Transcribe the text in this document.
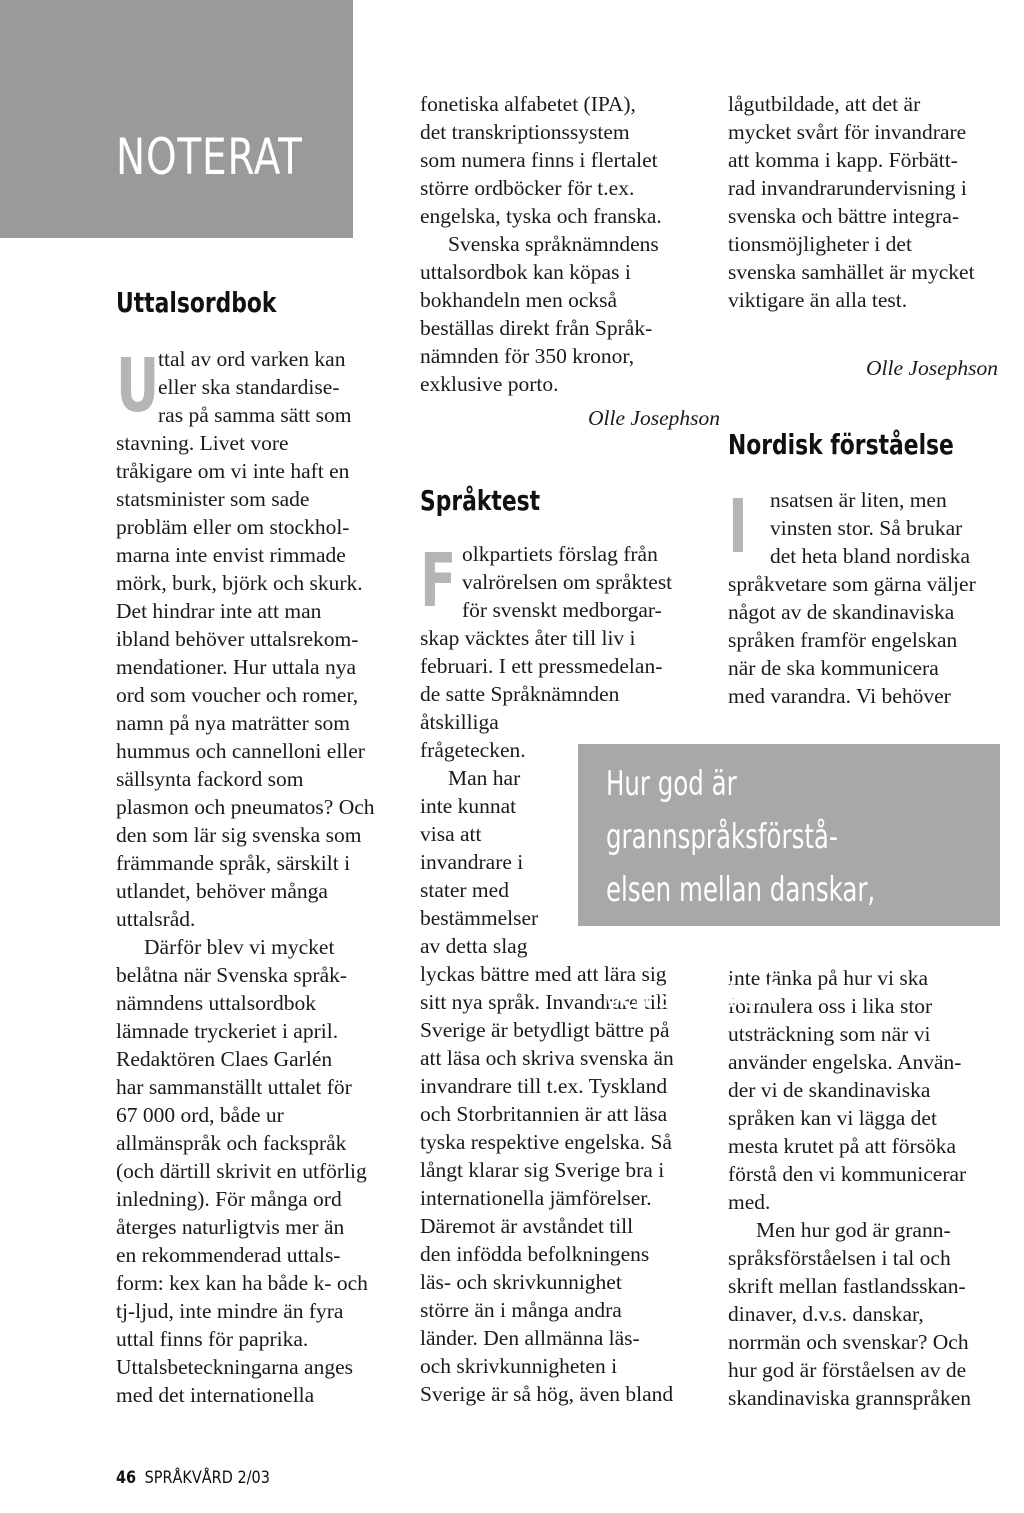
NOTERAT
Uttalsordbok

U
ttal av ord varken kan
eller ska standardise-
ras på samma sätt som
stavning. Livet vore
tråkigare om vi inte haft en
statsminister som sade
probläm eller om stockhol-
marna inte envist rimmade
mörk, burk, björk och skurk.
Det hindrar inte att man
ibland behöver uttalsrekom-
mendationer. Hur uttala nya
ord som voucher och romer,
namn på nya maträtter som
hummus och cannelloni eller
sällsynta fackord som
plasmon och pneumatos? Och
den som lär sig svenska som
främmande språk, särskilt i
utlandet, behöver många
uttalsråd.

Därför blev vi mycket
belåtna när Svenska språk-
nämndens uttalsordbok
lämnade tryckeriet i april.
Redaktören Claes Garlén
har sammanställt uttalet för
67 000 ord, både ur
allmänspråk och fackspråk
(och därtill skrivit en utförlig
inledning). För många ord
återges naturligtvis mer än
en rekommenderad uttals-
form: kex kan ha både k- och
tj-ljud, inte mindre än fyra
uttal finns för paprika.
Uttalsbeteckningarna anges
med det internationella

fonetiska alfabetet (IPA),
det transkriptionssystem
som numera finns i flertalet
större ordböcker för t.ex.
engelska, tyska och franska.

Svenska språknämndens
uttalsordbok kan köpas i
bokhandeln men också
beställas direkt från Språk-
nämnden för 350 kronor,
exklusive porto.

Olle Josephson
Språktest

Folkpartiets förslag från
valrörelsen om språktest
för svenskt medborgar-
skap väcktes åter till liv i
februari. I ett pressmedelan-
de satte Språknämnden
åtskilliga
frågetecken.

Man har
inte kunnat
visa att
invandrare i
stater med
bestämmelser
av detta slag
lyckas bättre med att lära sig
sitt nya språk. Invandrare till
Sverige är betydligt bättre på
att läsa och skriva svenska än
invandrare till t.ex. Tyskland
och Storbritannien är att läsa
tyska respektive engelska. Så
långt klarar sig Sverige bra i
internationella jämförelser.
Däremot är avståndet till
den infödda befolkningens
läs- och skrivkunnighet
större än i många andra
länder. Den allmänna läs-
och skrivkunnigheten i
Sverige är så hög, även bland

lågutbildade, att det är
mycket svårt för invandrare
att komma i kapp. Förbätt-
rad invandrarundervisning i
svenska och bättre integra-
tionsmöjligheter i det
svenska samhället är mycket
viktigare än alla test.

Olle Josephson
Nordisk förståelse

I nsatsen är liten, men
vinsten stor. Så brukar
det heta bland nordiska
språkvetare som gärna väljer
något av de skandinaviska
språken framför engelskan
när de ska kommunicera
med varandra. Vi behöver

inte tänka på hur vi ska
formulera oss i lika stor
utsträckning som när vi
använder engelska. Använ-
der vi de skandinaviska
språken kan vi lägga det
mesta krutet på att försöka
förstå den vi kommunicerar
med.

Men hur god är grann-
språksförståelsen i tal och
skrift mellan fastlandsskan-
dinaver, d.v.s. danskar,
norrmän och svenskar? Och
hur god är förståelsen av de
skandinaviska grannspråken

Hur god är grannspråksförstå-
elsen mellan danskar, norrmän
och svenskar?
46 SPRÅKVÅRD 2/03
